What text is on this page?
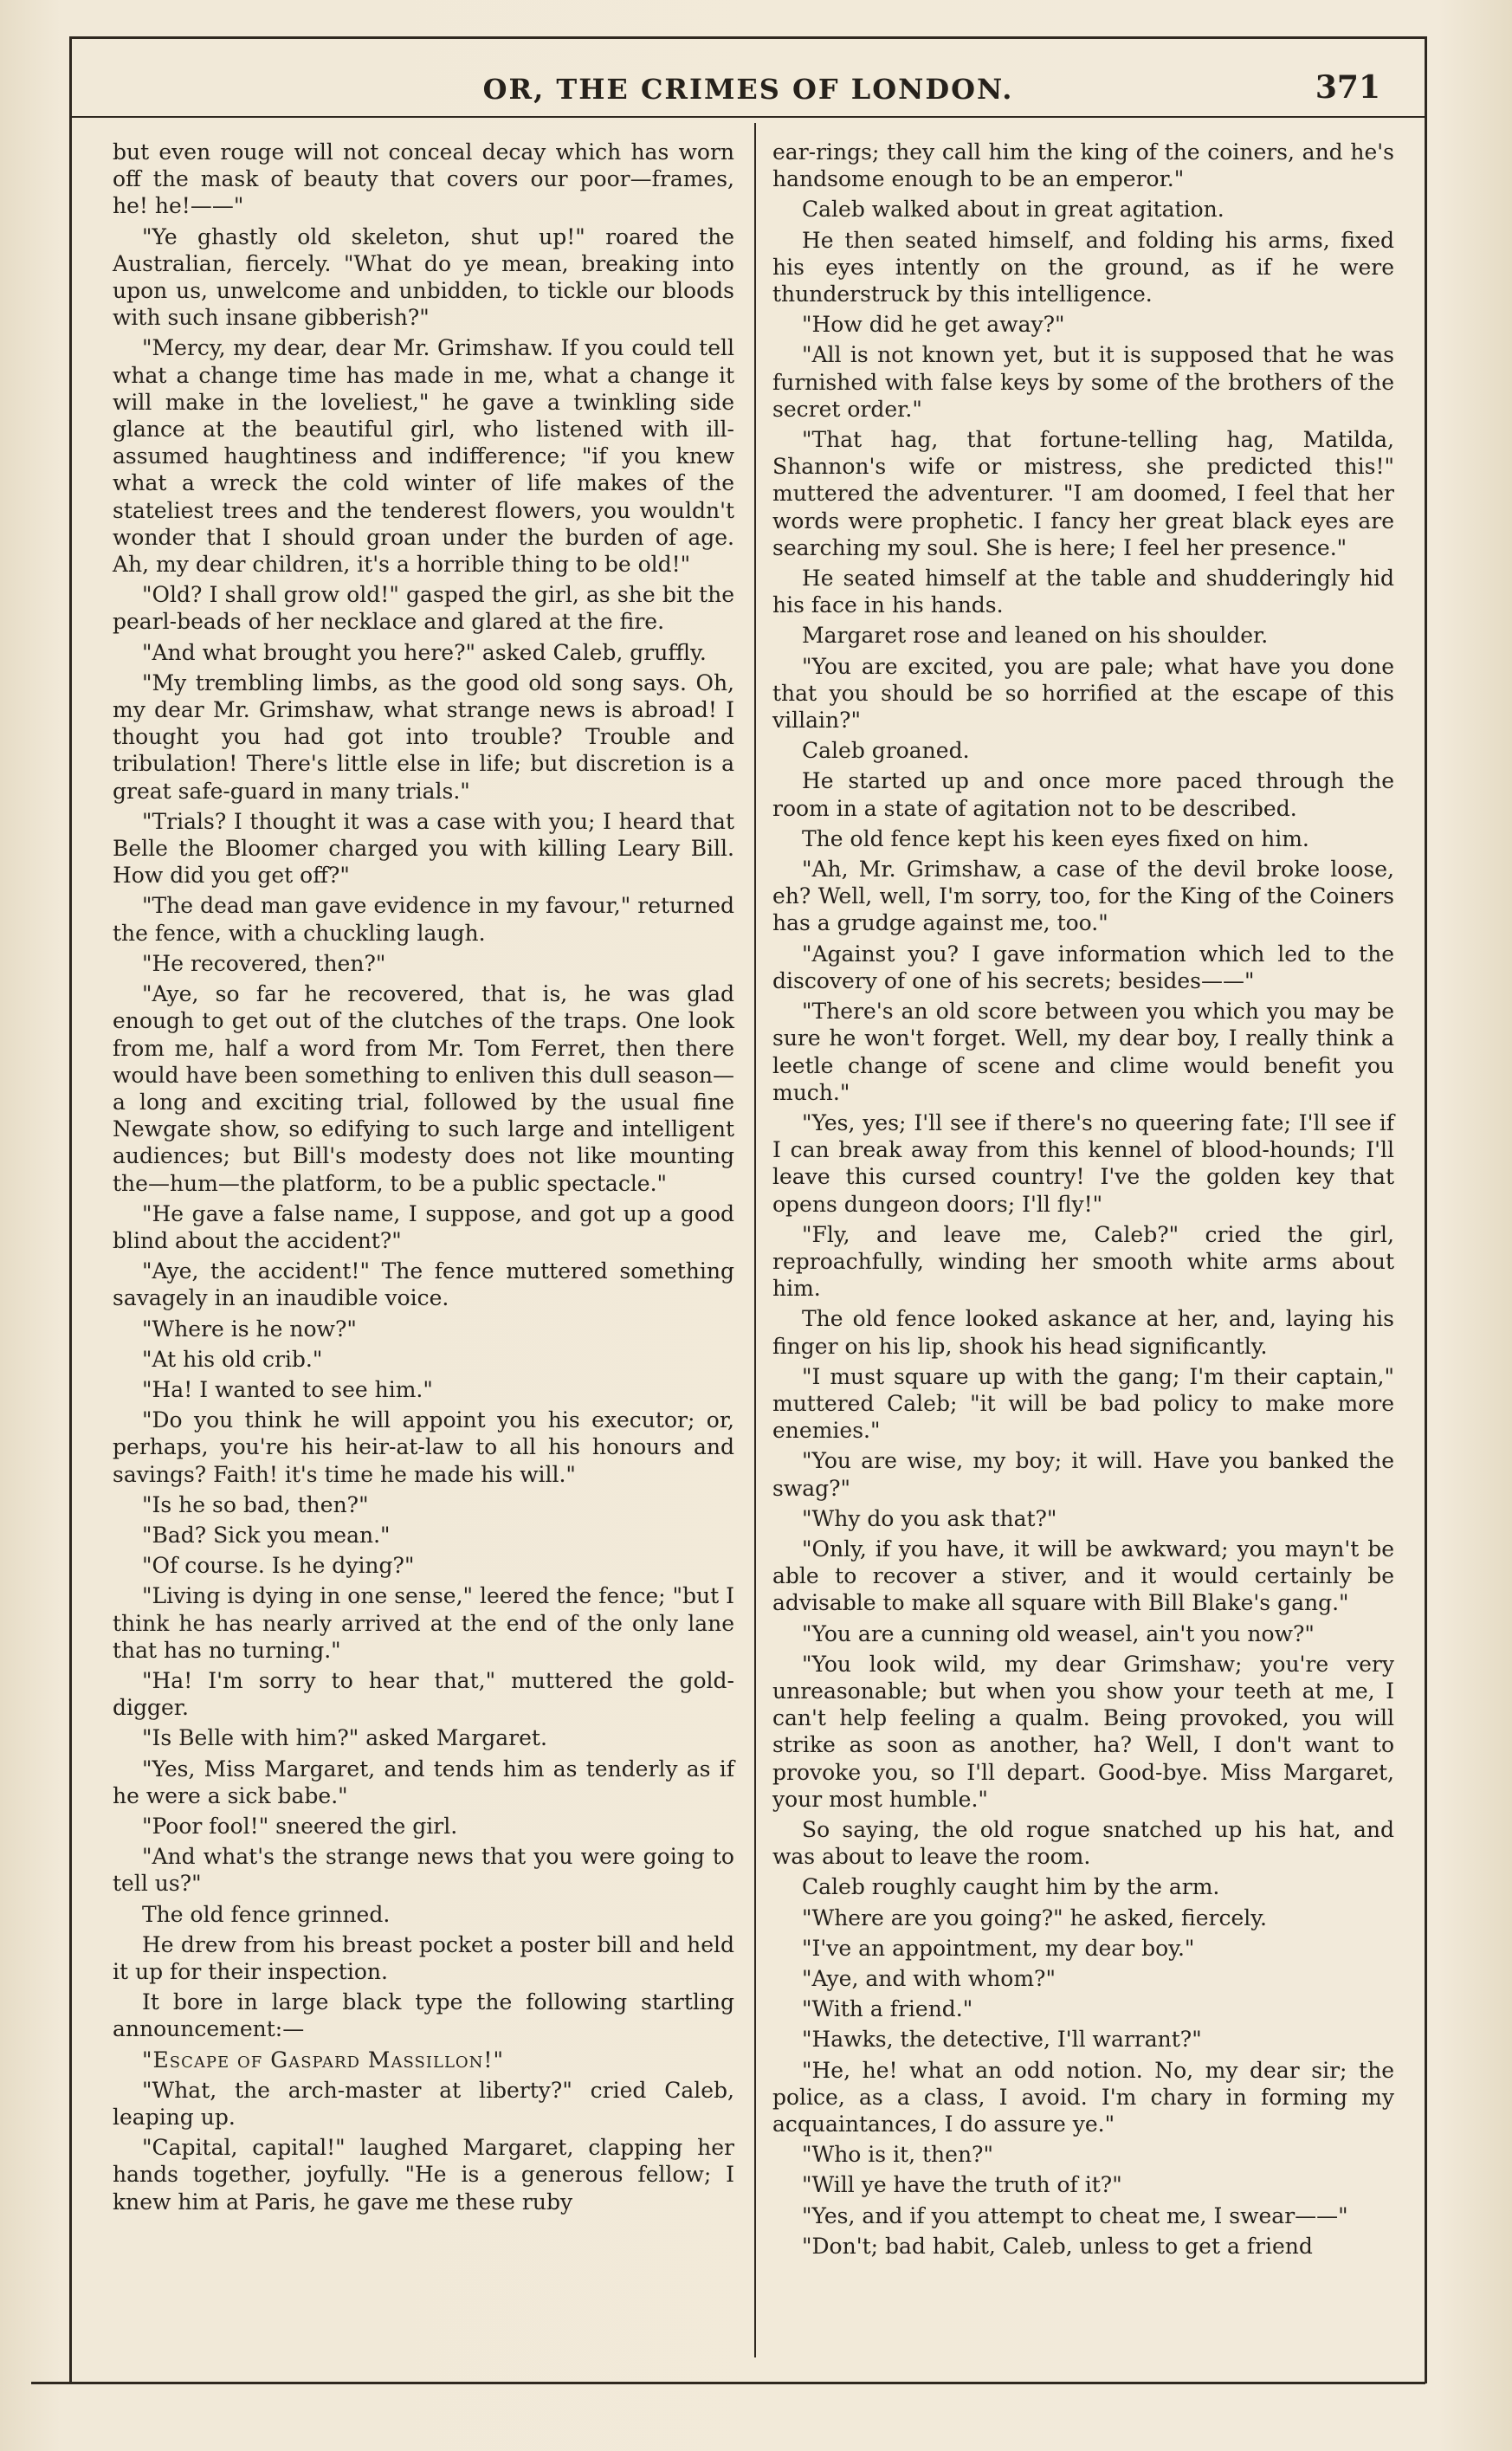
OR, THE CRIMES OF LONDON.	371

but even rouge will not conceal decay which has worn off the mask of beauty that covers our poor—frames, he! he!——"

"Ye ghastly old skeleton, shut up!" roared the Australian, fiercely. "What do ye mean, breaking into upon us, unwelcome and unbidden, to tickle our bloods with such insane gibberish?"

"Mercy, my dear, dear Mr. Grimshaw. If you could tell what a change time has made in me, what a change it will make in the loveliest," he gave a twinkling side glance at the beautiful girl, who listened with ill-assumed haughtiness and indifference; "if you knew what a wreck the cold winter of life makes of the stateliest trees and the tenderest flowers, you wouldn't wonder that I should groan under the burden of age. Ah, my dear children, it's a horrible thing to be old!"

"Old? I shall grow old!" gasped the girl, as she bit the pearl-beads of her necklace and glared at the fire.

"And what brought you here?" asked Caleb, gruffly.

"My trembling limbs, as the good old song says. Oh, my dear Mr. Grimshaw, what strange news is abroad! I thought you had got into trouble? Trouble and tribulation! There's little else in life; but discretion is a great safe-guard in many trials."

"Trials? I thought it was a case with you; I heard that Belle the Bloomer charged you with killing Leary Bill. How did you get off?"

"The dead man gave evidence in my favour," returned the fence, with a chuckling laugh.

"He recovered, then?"

"Aye, so far he recovered, that is, he was glad enough to get out of the clutches of the traps. One look from me, half a word from Mr. Tom Ferret, then there would have been something to enliven this dull season—a long and exciting trial, followed by the usual fine Newgate show, so edifying to such large and intelligent audiences; but Bill's modesty does not like mounting the—hum—the platform, to be a public spectacle."

"He gave a false name, I suppose, and got up a good blind about the accident?"

"Aye, the accident!" The fence muttered something savagely in an inaudible voice.

"Where is he now?"

"At his old crib."

"Ha! I wanted to see him."

"Do you think he will appoint you his executor; or, perhaps, you're his heir-at-law to all his honours and savings? Faith! it's time he made his will."

"Is he so bad, then?"

"Bad? Sick you mean."

"Of course. Is he dying?"

"Living is dying in one sense," leered the fence; "but I think he has nearly arrived at the end of the only lane that has no turning."

"Ha! I'm sorry to hear that," muttered the gold-digger.

"Is Belle with him?" asked Margaret.

"Yes, Miss Margaret, and tends him as tenderly as if he were a sick babe."

"Poor fool!" sneered the girl.

"And what's the strange news that you were going to tell us?"

The old fence grinned.

He drew from his breast pocket a poster bill and held it up for their inspection.

It bore in large black type the following startling announcement:—

"Escape of Gaspard Massillon!"

"What, the arch-master at liberty?" cried Caleb, leaping up.

"Capital, capital!" laughed Margaret, clapping her hands together, joyfully. "He is a generous fellow; I knew him at Paris, he gave me these ruby

ear-rings; they call him the king of the coiners, and he's handsome enough to be an emperor."

Caleb walked about in great agitation.

He then seated himself, and folding his arms, fixed his eyes intently on the ground, as if he were thunderstruck by this intelligence.

"How did he get away?"

"All is not known yet, but it is supposed that he was furnished with false keys by some of the brothers of the secret order."

"That hag, that fortune-telling hag, Matilda, Shannon's wife or mistress, she predicted this!" muttered the adventurer. "I am doomed, I feel that her words were prophetic. I fancy her great black eyes are searching my soul. She is here; I feel her presence."

He seated himself at the table and shudderingly hid his face in his hands.

Margaret rose and leaned on his shoulder.

"You are excited, you are pale; what have you done that you should be so horrified at the escape of this villain?"

Caleb groaned.

He started up and once more paced through the room in a state of agitation not to be described.

The old fence kept his keen eyes fixed on him.

"Ah, Mr. Grimshaw, a case of the devil broke loose, eh? Well, well, I'm sorry, too, for the King of the Coiners has a grudge against me, too."

"Against you? I gave information which led to the discovery of one of his secrets; besides——"

"There's an old score between you which you may be sure he won't forget. Well, my dear boy, I really think a leetle change of scene and clime would benefit you much."

"Yes, yes; I'll see if there's no queering fate; I'll see if I can break away from this kennel of blood-hounds; I'll leave this cursed country! I've the golden key that opens dungeon doors; I'll fly!"

"Fly, and leave me, Caleb?" cried the girl, reproachfully, winding her smooth white arms about him.

The old fence looked askance at her, and, laying his finger on his lip, shook his head significantly.

"I must square up with the gang; I'm their captain," muttered Caleb; "it will be bad policy to make more enemies."

"You are wise, my boy; it will. Have you banked the swag?"

"Why do you ask that?"

"Only, if you have, it will be awkward; you mayn't be able to recover a stiver, and it would certainly be advisable to make all square with Bill Blake's gang."

"You are a cunning old weasel, ain't you now?"

"You look wild, my dear Grimshaw; you're very unreasonable; but when you show your teeth at me, I can't help feeling a qualm. Being provoked, you will strike as soon as another, ha? Well, I don't want to provoke you, so I'll depart. Good-bye. Miss Margaret, your most humble."

So saying, the old rogue snatched up his hat, and was about to leave the room.

Caleb roughly caught him by the arm.

"Where are you going?" he asked, fiercely.

"I've an appointment, my dear boy."

"Aye, and with whom?"

"With a friend."

"Hawks, the detective, I'll warrant?"

"He, he! what an odd notion. No, my dear sir; the police, as a class, I avoid. I'm chary in forming my acquaintances, I do assure ye."

"Who is it, then?"

"Will ye have the truth of it?"

"Yes, and if you attempt to cheat me, I swear——"

"Don't; bad habit, Caleb, unless to get a friend
